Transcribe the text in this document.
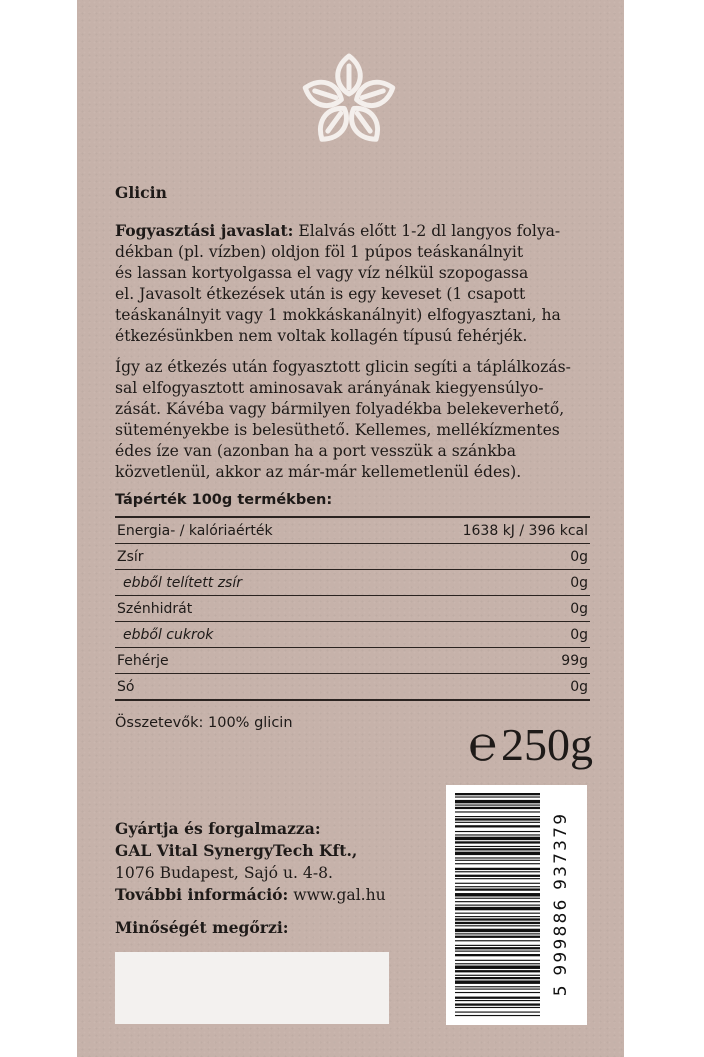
Glicin
Fogyasztási javaslat: Elalvás előtt 1-2 dl langyos folya-
dékban (pl. vízben) oldjon föl 1 púpos teáskanálnyit
és lassan kortyolgassa el vagy víz nélkül szopogassa
el. Javasolt étkezések után is egy keveset (1 csapott
teáskanálnyit vagy 1 mokkáskanálnyit) elfogyasztani, ha
étkezésünkben nem voltak kollagén típusú fehérjék.
Így az étkezés után fogyasztott glicin segíti a táplálkozás-
sal elfogyasztott aminosavak arányának kiegyensúlyo-
zását. Kávéba vagy bármilyen folyadékba belekeverhető,
süteményekbe is belesüthető. Kellemes, mellékízmentes
édes íze van (azonban ha a port vesszük a szánkba
közvetlenül, akkor az már-már kellemetlenül édes).
Tápérték 100g termékben:
Energia- / kalóriaérték	1638 kJ / 396 kcal
Zsír	0g
ebből telített zsír	0g
Szénhidrát	0g
ebből cukrok	0g
Fehérje	99g
Só	0g
Összetevők: 100% glicin	℮ 250g
Gyártja és forgalmazza:
GAL Vital SynergyTech Kft.,
1076 Budapest, Sajó u. 4-8.
További információ: www.gal.hu
Minőségét megőrzi:	5 999886 937379
